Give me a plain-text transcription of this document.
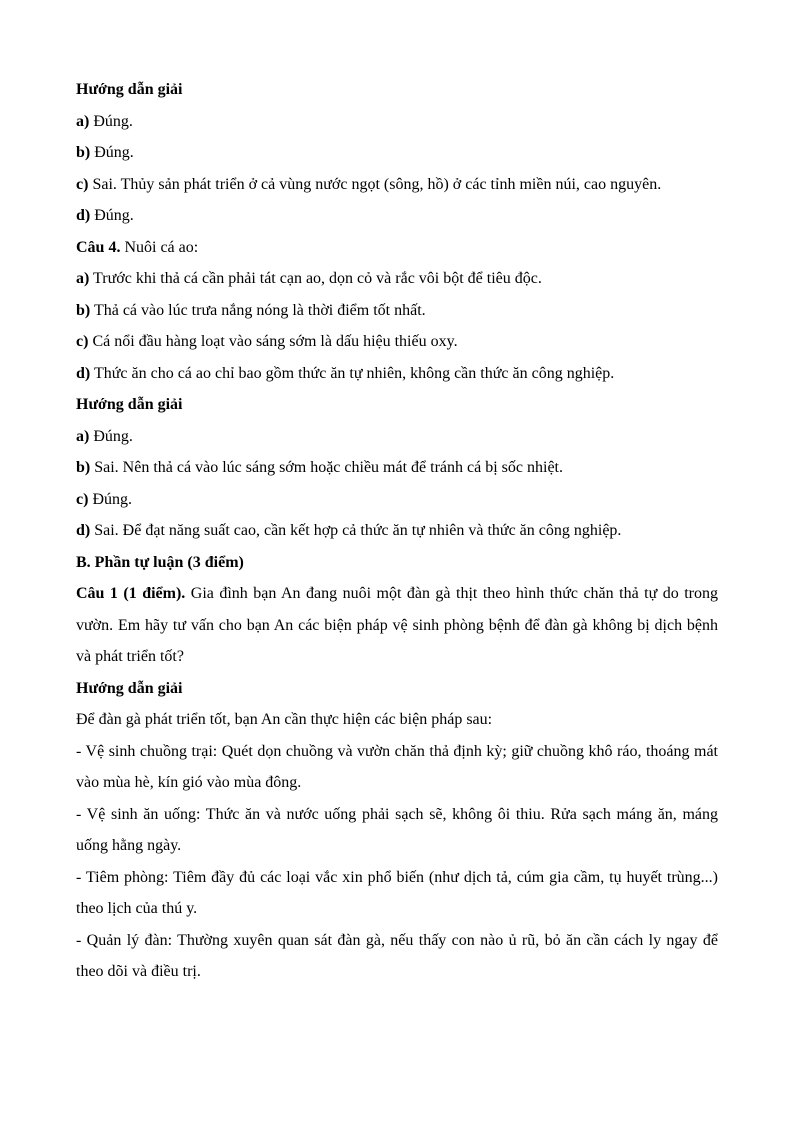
Hướng dẫn giải

a) Đúng.

b) Đúng.

c) Sai. Thủy sản phát triển ở cả vùng nước ngọt (sông, hồ) ở các tỉnh miền núi, cao nguyên.

d) Đúng.

Câu 4. Nuôi cá ao:

a) Trước khi thả cá cần phải tát cạn ao, dọn cỏ và rắc vôi bột để tiêu độc.

b) Thả cá vào lúc trưa nắng nóng là thời điểm tốt nhất.

c) Cá nổi đầu hàng loạt vào sáng sớm là dấu hiệu thiếu oxy.

d) Thức ăn cho cá ao chỉ bao gồm thức ăn tự nhiên, không cần thức ăn công nghiệp.

Hướng dẫn giải

a) Đúng.

b) Sai. Nên thả cá vào lúc sáng sớm hoặc chiều mát để tránh cá bị sốc nhiệt.

c) Đúng.

d) Sai. Để đạt năng suất cao, cần kết hợp cả thức ăn tự nhiên và thức ăn công nghiệp.

B. Phần tự luận (3 điểm)

Câu 1 (1 điểm). Gia đình bạn An đang nuôi một đàn gà thịt theo hình thức chăn thả tự do trong vườn. Em hãy tư vấn cho bạn An các biện pháp vệ sinh phòng bệnh để đàn gà không bị dịch bệnh và phát triển tốt?

Hướng dẫn giải

Để đàn gà phát triển tốt, bạn An cần thực hiện các biện pháp sau:

- Vệ sinh chuồng trại: Quét dọn chuồng và vườn chăn thả định kỳ; giữ chuồng khô ráo, thoáng mát vào mùa hè, kín gió vào mùa đông.

- Vệ sinh ăn uống: Thức ăn và nước uống phải sạch sẽ, không ôi thiu. Rửa sạch máng ăn, máng uống hằng ngày.

- Tiêm phòng: Tiêm đầy đủ các loại vắc xin phổ biến (như dịch tả, cúm gia cầm, tụ huyết trùng...) theo lịch của thú y.

- Quản lý đàn: Thường xuyên quan sát đàn gà, nếu thấy con nào ủ rũ, bỏ ăn cần cách ly ngay để theo dõi và điều trị.
